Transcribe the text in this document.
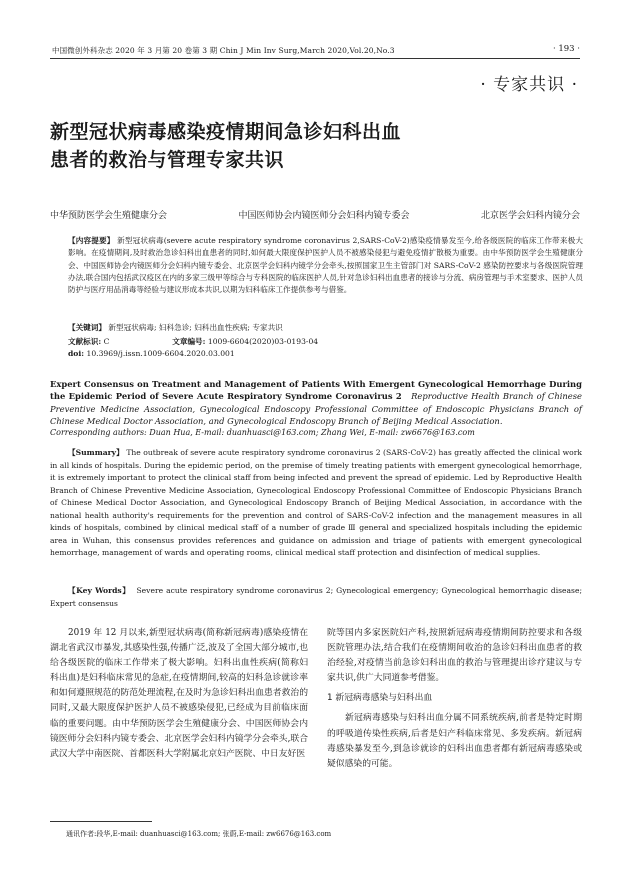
中国微创外科杂志 2020 年 3 月第 20 卷第 3 期 Chin J Min Inv Surg,March 2020,Vol.20,No.3	· 193 ·
· 专家共识 ·
新型冠状病毒感染疫情期间急诊妇科出血
患者的救治与管理专家共识
中华预防医学会生殖健康分会	中国医师协会内镜医师分会妇科内镜专委会	北京医学会妇科内镜分会
【内容提要】 新型冠状病毒(severe acute respiratory syndrome coronavirus 2,SARS-CoV-2)感染疫情暴发至今,给各级医院的临床工作带来极大影响。在疫情期间,及时救治急诊妇科出血患者的同时,如何最大限度保护医护人员不被感染侵犯与避免疫情扩散极为重要。由中华预防医学会生殖健康分会、中国医师协会内镜医师分会妇科内镜专委会、北京医学会妇科内镜学分会牵头,按照国家卫生主管部门对 SARS-CoV-2 感染防控要求与各级医院管理办法,联合国内包括武汉疫区在内的多家三级甲等综合与专科医院的临床医护人员,针对急诊妇科出血患者的接诊与分流、病房管理与手术室要求、医护人员防护与医疗用品消毒等经验与建议形成本共识,以期为妇科临床工作提供参考与借鉴。
【关键词】 新型冠状病毒; 妇科急诊; 妇科出血性疾病; 专家共识
文献标识: C	文章编号: 1009-6604(2020)03-0193-04
doi: 10.3969/j.issn.1009-6604.2020.03.001
Expert Consensus on Treatment and Management of Patients With Emergent Gynecological Hemorrhage During the Epidemic Period of Severe Acute Respiratory Syndrome Coronavirus 2 Reproductive Health Branch of Chinese Preventive Medicine Association, Gynecological Endoscopy Professional Committee of Endoscopic Physicians Branch of Chinese Medical Doctor Association, and Gynecological Endoscopy Branch of Beijing Medical Association.
Corresponding authors: Duan Hua, E-mail: duanhuasci@163.com; Zhang Wei, E-mail: zw6676@163.com
【Summary】 The outbreak of severe acute respiratory syndrome coronavirus 2 (SARS-CoV-2) has greatly affected the clinical work in all kinds of hospitals. During the epidemic period, on the premise of timely treating patients with emergent gynecological hemorrhage, it is extremely important to protect the clinical staff from being infected and prevent the spread of epidemic. Led by Reproductive Health Branch of Chinese Preventive Medicine Association, Gynecological Endoscopy Professional Committee of Endoscopic Physicians Branch of Chinese Medical Doctor Association, and Gynecological Endoscopy Branch of Beijing Medical Association, in accordance with the national health authority's requirements for the prevention and control of SARS-CoV-2 infection and the management measures in all kinds of hospitals, combined by clinical medical staff of a number of grade Ⅲ general and specialized hospitals including the epidemic area in Wuhan, this consensus provides references and guidance on admission and triage of patients with emergent gynecological hemorrhage, management of wards and operating rooms, clinical medical staff protection and disinfection of medical supplies.
【Key Words】 Severe acute respiratory syndrome coronavirus 2; Gynecological emergency; Gynecological hemorrhagic disease; Expert consensus
2019 年 12 月以来,新型冠状病毒(简称新冠病毒)感染疫情在湖北省武汉市暴发,其感染性强,传播广泛,波及了全国大部分城市,也给各级医院的临床工作带来了极大影响。妇科出血性疾病(简称妇科出血)是妇科临床常见的急症,在疫情期间,较高的妇科急诊就诊率和如何遵照规范的防范处理流程,在及时为急诊妇科出血患者救治的同时,又最大限度保护医护人员不被感染侵犯,已经成为目前临床面临的重要问题。由中华预防医学会生殖健康分会、中国医师协会内镜医师分会妇科内镜专委会、北京医学会妇科内镜学分会牵头,联合武汉大学中南医院、首都医科大学附属北京妇产医院、中日友好医

院等国内多家医院妇产科,按照新冠病毒疫情期间防控要求和各级医院管理办法,结合我们在疫情期间收治的急诊妇科出血患者的救治经验,对疫情当前急诊妇科出血的救治与管理提出诊疗建议与专家共识,供广大同道参考借鉴。

1 新冠病毒感染与妇科出血

新冠病毒感染与妇科出血分属不同系统疾病,前者是特定时期的呼吸道传染性疾病,后者是妇产科临床常见、多发疾病。新冠病毒感染暴发至今,到急诊就诊的妇科出血患者都有新冠病毒感染或疑似感染的可能。

通讯作者:段华,E-mail: duanhuasci@163.com; 张蔚,E-mail: zw6676@163.com
